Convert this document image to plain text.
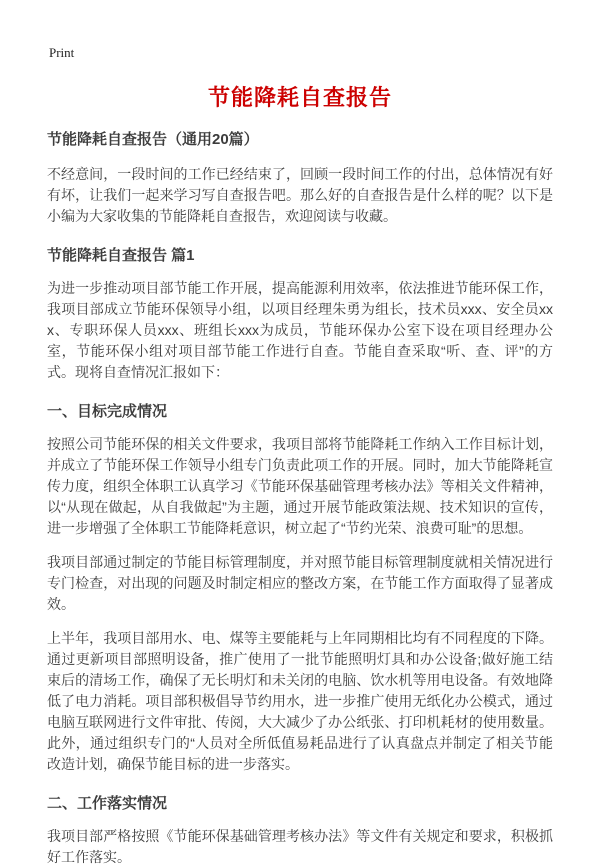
Print
节能降耗自查报告
节能降耗自查报告（通用20篇）

不经意间，一段时间的工作已经结束了，回顾一段时间工作的付出，总体情况有好有坏，让我们一起来学习写自查报告吧。那么好的自查报告是什么样的呢？以下是小编为大家收集的节能降耗自查报告，欢迎阅读与收藏。

节能降耗自查报告 篇1

为进一步推动项目部节能工作开展，提高能源利用效率，依法推进节能环保工作，我项目部成立节能环保领导小组，以项目经理朱勇为组长，技术员xxx、安全员xxx、专职环保人员xxx、班组长xxx为成员，节能环保办公室下设在项目经理办公室，节能环保小组对项目部节能工作进行自查。节能自查采取“听、查、评”的方式。现将自查情况汇报如下：

一、目标完成情况

按照公司节能环保的相关文件要求，我项目部将节能降耗工作纳入工作目标计划，并成立了节能环保工作领导小组专门负责此项工作的开展。同时，加大节能降耗宣传力度，组织全体职工认真学习《节能环保基础管理考核办法》等相关文件精神，以“从现在做起，从自我做起”为主题，通过开展节能政策法规、技术知识的宣传，进一步增强了全体职工节能降耗意识，树立起了“节约光荣、浪费可耻”的思想。

我项目部通过制定的节能目标管理制度，并对照节能目标管理制度就相关情况进行专门检查，对出现的问题及时制定相应的整改方案，在节能工作方面取得了显著成效。

上半年，我项目部用水、电、煤等主要能耗与上年同期相比均有不同程度的下降。通过更新项目部照明设备，推广使用了一批节能照明灯具和办公设备;做好施工结束后的清场工作，确保了无长明灯和未关闭的电脑、饮水机等用电设备。有效地降低了电力消耗。项目部积极倡导节约用水，进一步推广使用无纸化办公模式，通过电脑互联网进行文件审批、传阅，大大减少了办公纸张、打印机耗材的使用数量。此外，通过组织专门的“人员对全所低值易耗品进行了认真盘点并制定了相关节能改造计划，确保节能目标的进一步落实。

二、工作落实情况

我项目部严格按照《节能环保基础管理考核办法》等文件有关规定和要求，积极抓好工作落实。
